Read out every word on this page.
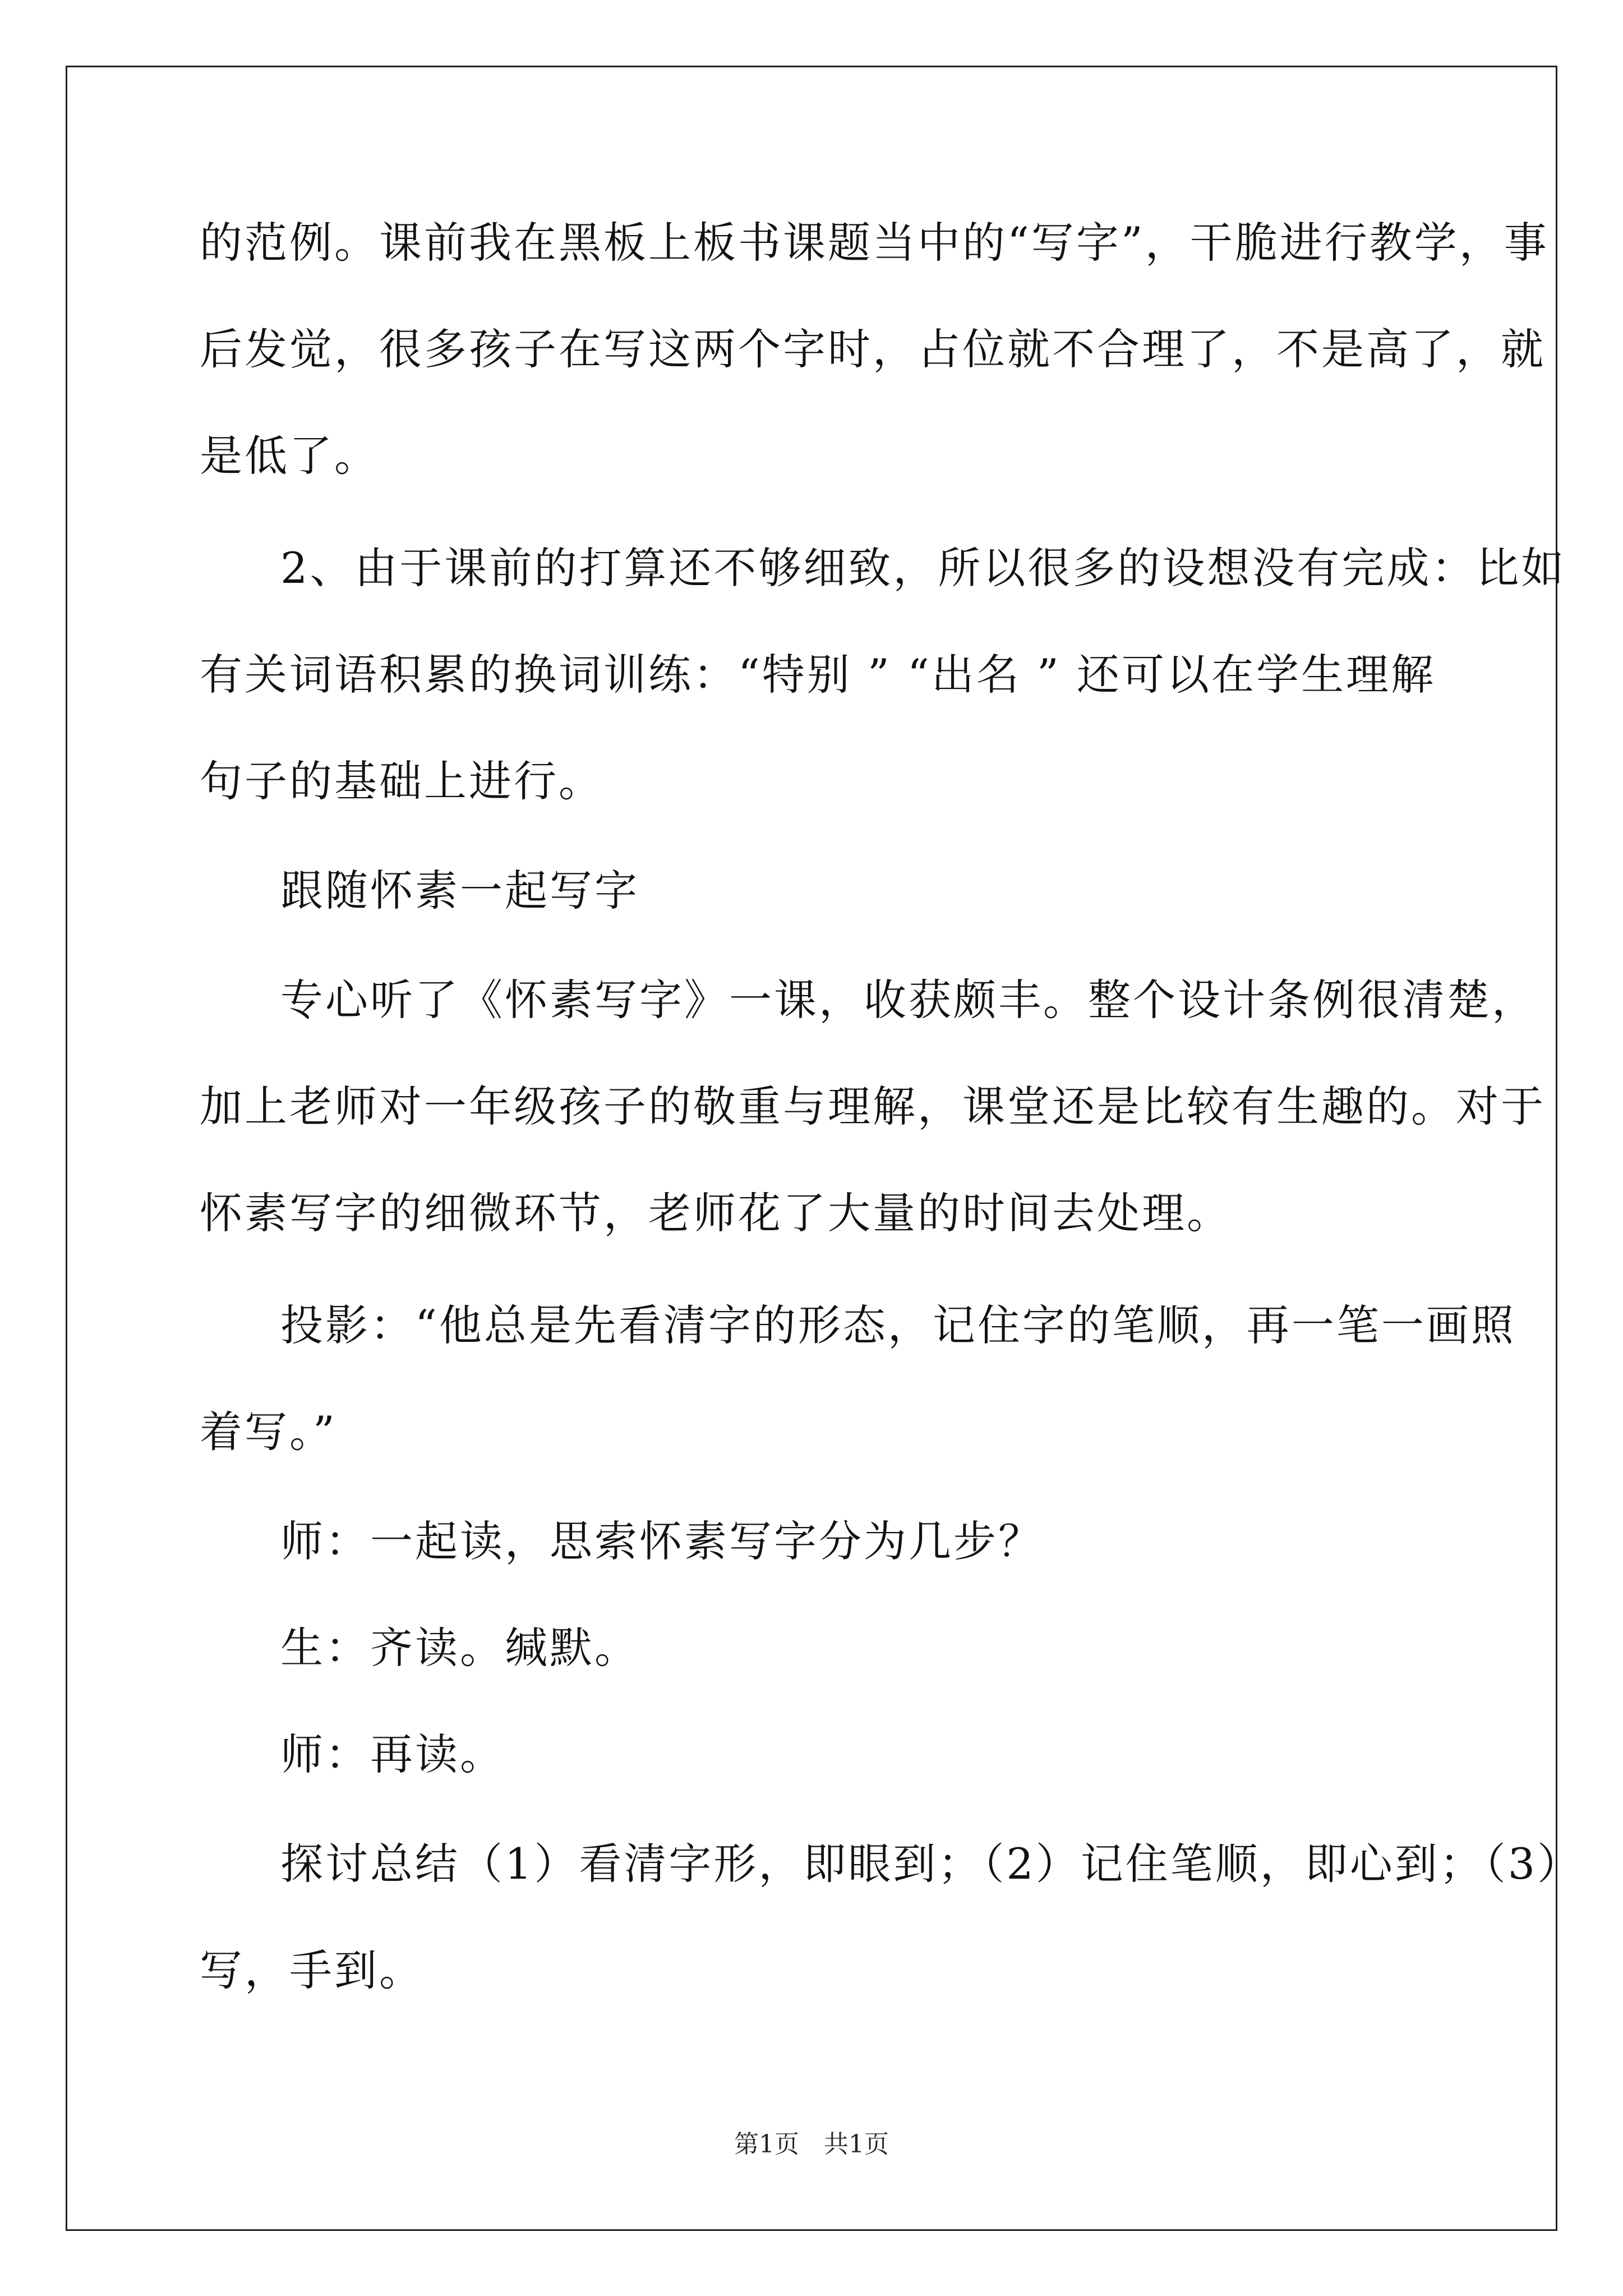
的范例。课前我在黑板上板书课题当中的“写字”，干脆进行教学，事
后发觉，很多孩子在写这两个字时，占位就不合理了，不是高了，就
是低了。
2、由于课前的打算还不够细致，所以很多的设想没有完成：比如
有关词语积累的换词训练：“特别 ” “出名 ” 还可以在学生理解
句子的基础上进行。
跟随怀素一起写字
专心听了《怀素写字》一课，收获颇丰。整个设计条例很清楚，
加上老师对一年级孩子的敬重与理解，课堂还是比较有生趣的。对于
怀素写字的细微环节，老师花了大量的时间去处理。
投影：“他总是先看清字的形态，记住字的笔顺，再一笔一画照
着写。”
师：一起读，思索怀素写字分为几步？
生：齐读。缄默。
师：再读。
探讨总结（1）看清字形，即眼到；（2）记住笔顺，即心到；（3）
写，手到。
第1页　共1页
